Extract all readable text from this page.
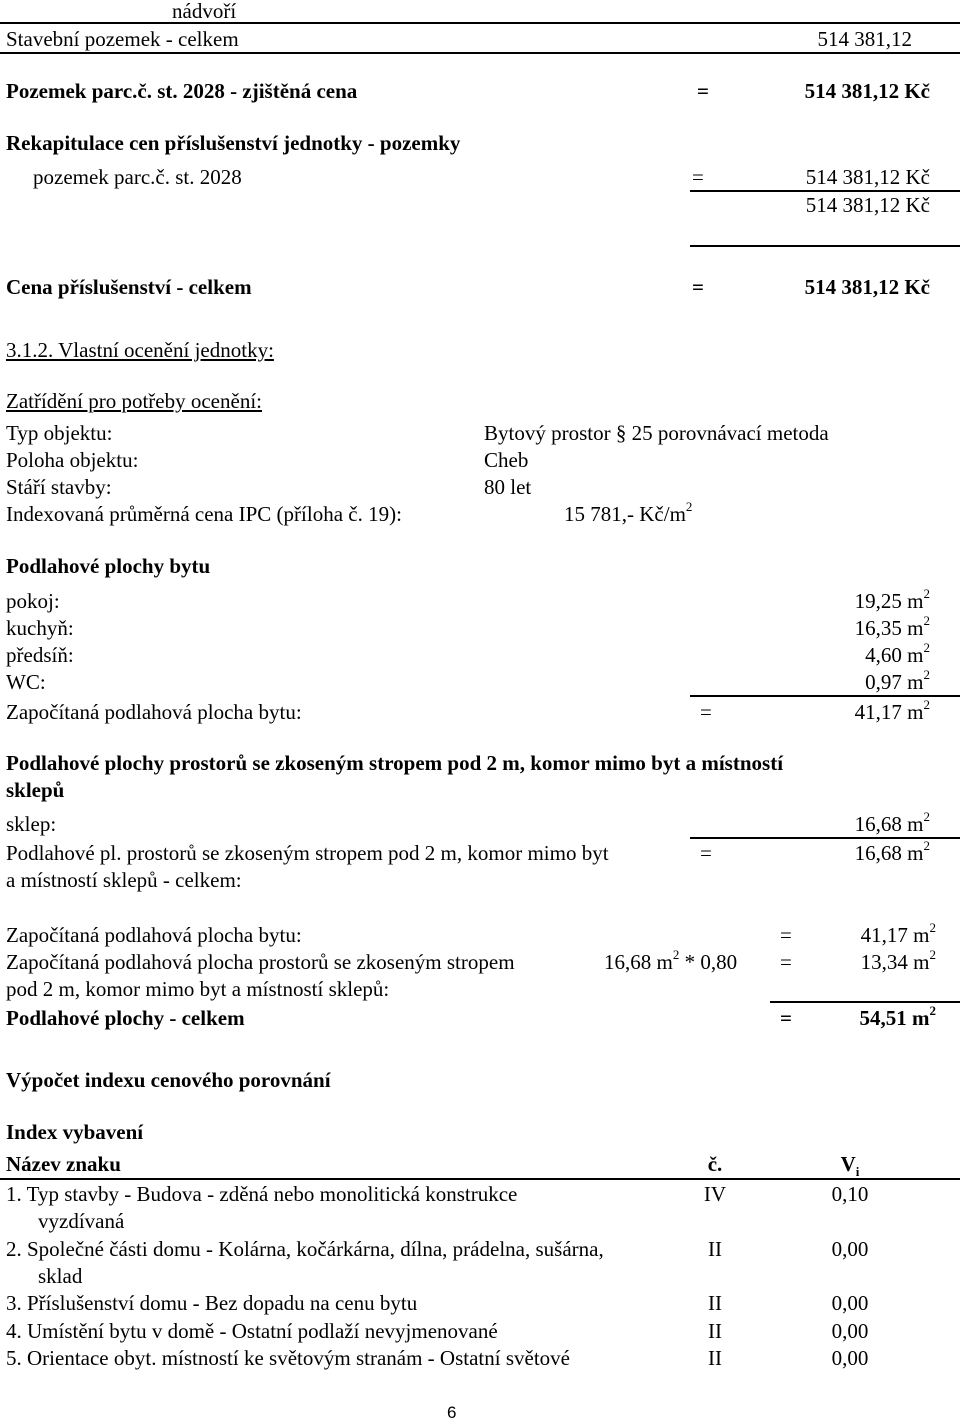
nádvoří
Stavební pozemek - celkem	514 381,12
Pozemek parc.č. st. 2028 - zjištěná cena	=	514 381,12 Kč
Rekapitulace cen příslušenství jednotky - pozemky
pozemek parc.č. st. 2028	=	514 381,12 Kč
514 381,12 Kč
Cena příslušenství - celkem	=	514 381,12 Kč
3.1.2. Vlastní ocenění jednotky:
Zatřídění pro potřeby ocenění:
Typ objektu:	Bytový prostor § 25 porovnávací metoda
Poloha objektu:	Cheb
Stáří stavby:	80 let
Indexovaná průměrná cena IPC (příloha č. 19):	15 781,- $Kč/m^2$
Podlahové plochy bytu
pokoj:	19,25 $m^2$
kuchyň:	16,35 $m^2$
předsíň:	4,60 $m^2$
WC:	0,97 $m^2$
Započítaná podlahová plocha bytu:	=	41,17 $m^2$
Podlahové plochy prostorů se zkoseným stropem pod 2 m, komor mimo byt a místností
sklepů
sklep:	16,68 $m^2$
Podlahové pl. prostorů se zkoseným stropem pod 2 m, komor mimo byt
a místností sklepů - celkem:
=	16,68 $m^2$
Započítaná podlahová plocha bytu:	=	41,17 $m^2$
Započítaná podlahová plocha prostorů se zkoseným stropem
pod 2 m, komor mimo byt a místností sklepů:
16,68 $m^2 * 0,80$ =	13,34 $m^2$
Podlahové plochy - celkem	=	54,51 $m^2$
Výpočet indexu cenového porovnání
Index vybavení
Název znaku	č.	$V_i$
1. Typ stavby - Budova - zděná nebo monolitická konstrukce
vyzdívaná
IV	0,10
2. Společné části domu - Kolárna, kočárkárna, dílna, prádelna, sušárna,
sklad
II	0,00
3. Příslušenství domu - Bez dopadu na cenu bytu	II	0,00
4. Umístění bytu v domě - Ostatní podlaží nevyjmenované	II	0,00
5. Orientace obyt. místností ke světovým stranám - Ostatní světové	II	0,00
6
